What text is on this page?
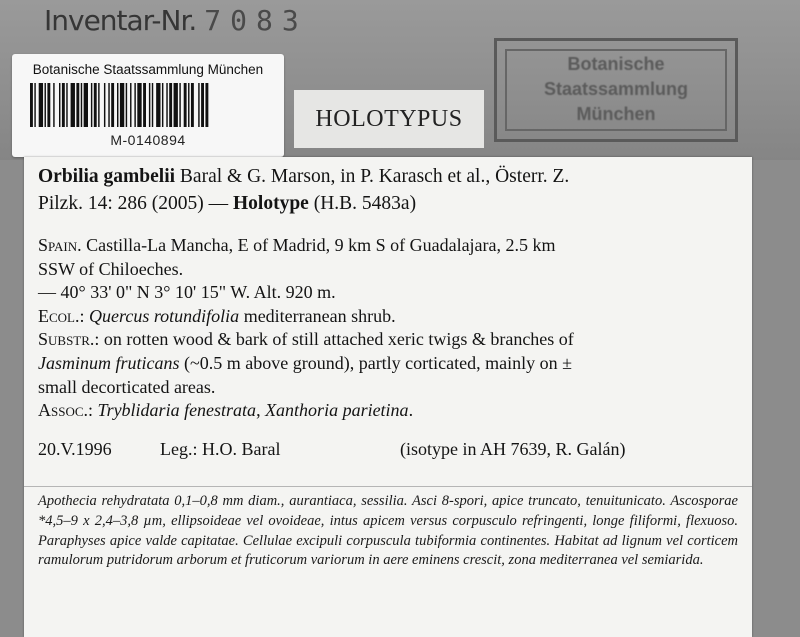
Inventar-Nr. 7083
Botanische Staatssammlung München
M-0140894
HOLOTYPUS
Botanische
Staatssammlung
München
Orbilia gambelii Baral & G. Marson, in P. Karasch et al., Österr. Z.
Pilzk. 14: 286 (2005) — Holotype (H.B. 5483a)
Spain. Castilla-La Mancha, E of Madrid, 9 km S of Guadalajara, 2.5 km
SSW of Chiloeches.
— 40° 33' 0" N 3° 10' 15" W. Alt. 920 m.
Ecol.: Quercus rotundifolia mediterranean shrub.
Substr.: on rotten wood & bark of still attached xeric twigs & branches of
Jasminum fruticans (~0.5 m above ground), partly corticated, mainly on ±
small decorticated areas.
Assoc.: Tryblidaria fenestrata, Xanthoria parietina.
20.V.1996	Leg.: H.O. Baral	(isotype in AH 7639, R. Galán)
Apothecia rehydratata 0,1–0,8 mm diam., aurantiaca, sessilia. Asci 8-spori, apice truncato, tenuitunicato. Ascosporae *4,5–9 x 2,4–3,8 µm, ellipsoideae vel ovoideae, intus apicem versus corpusculo refringenti, longe filiformi, flexuoso. Paraphyses apice valde capitatae. Cellulae excipuli corpuscula tubiformia continentes. Habitat ad lignum vel corticem ramulorum putridorum arborum et fruticorum variorum in aere eminens crescit, zona mediterranea vel semiarida.
